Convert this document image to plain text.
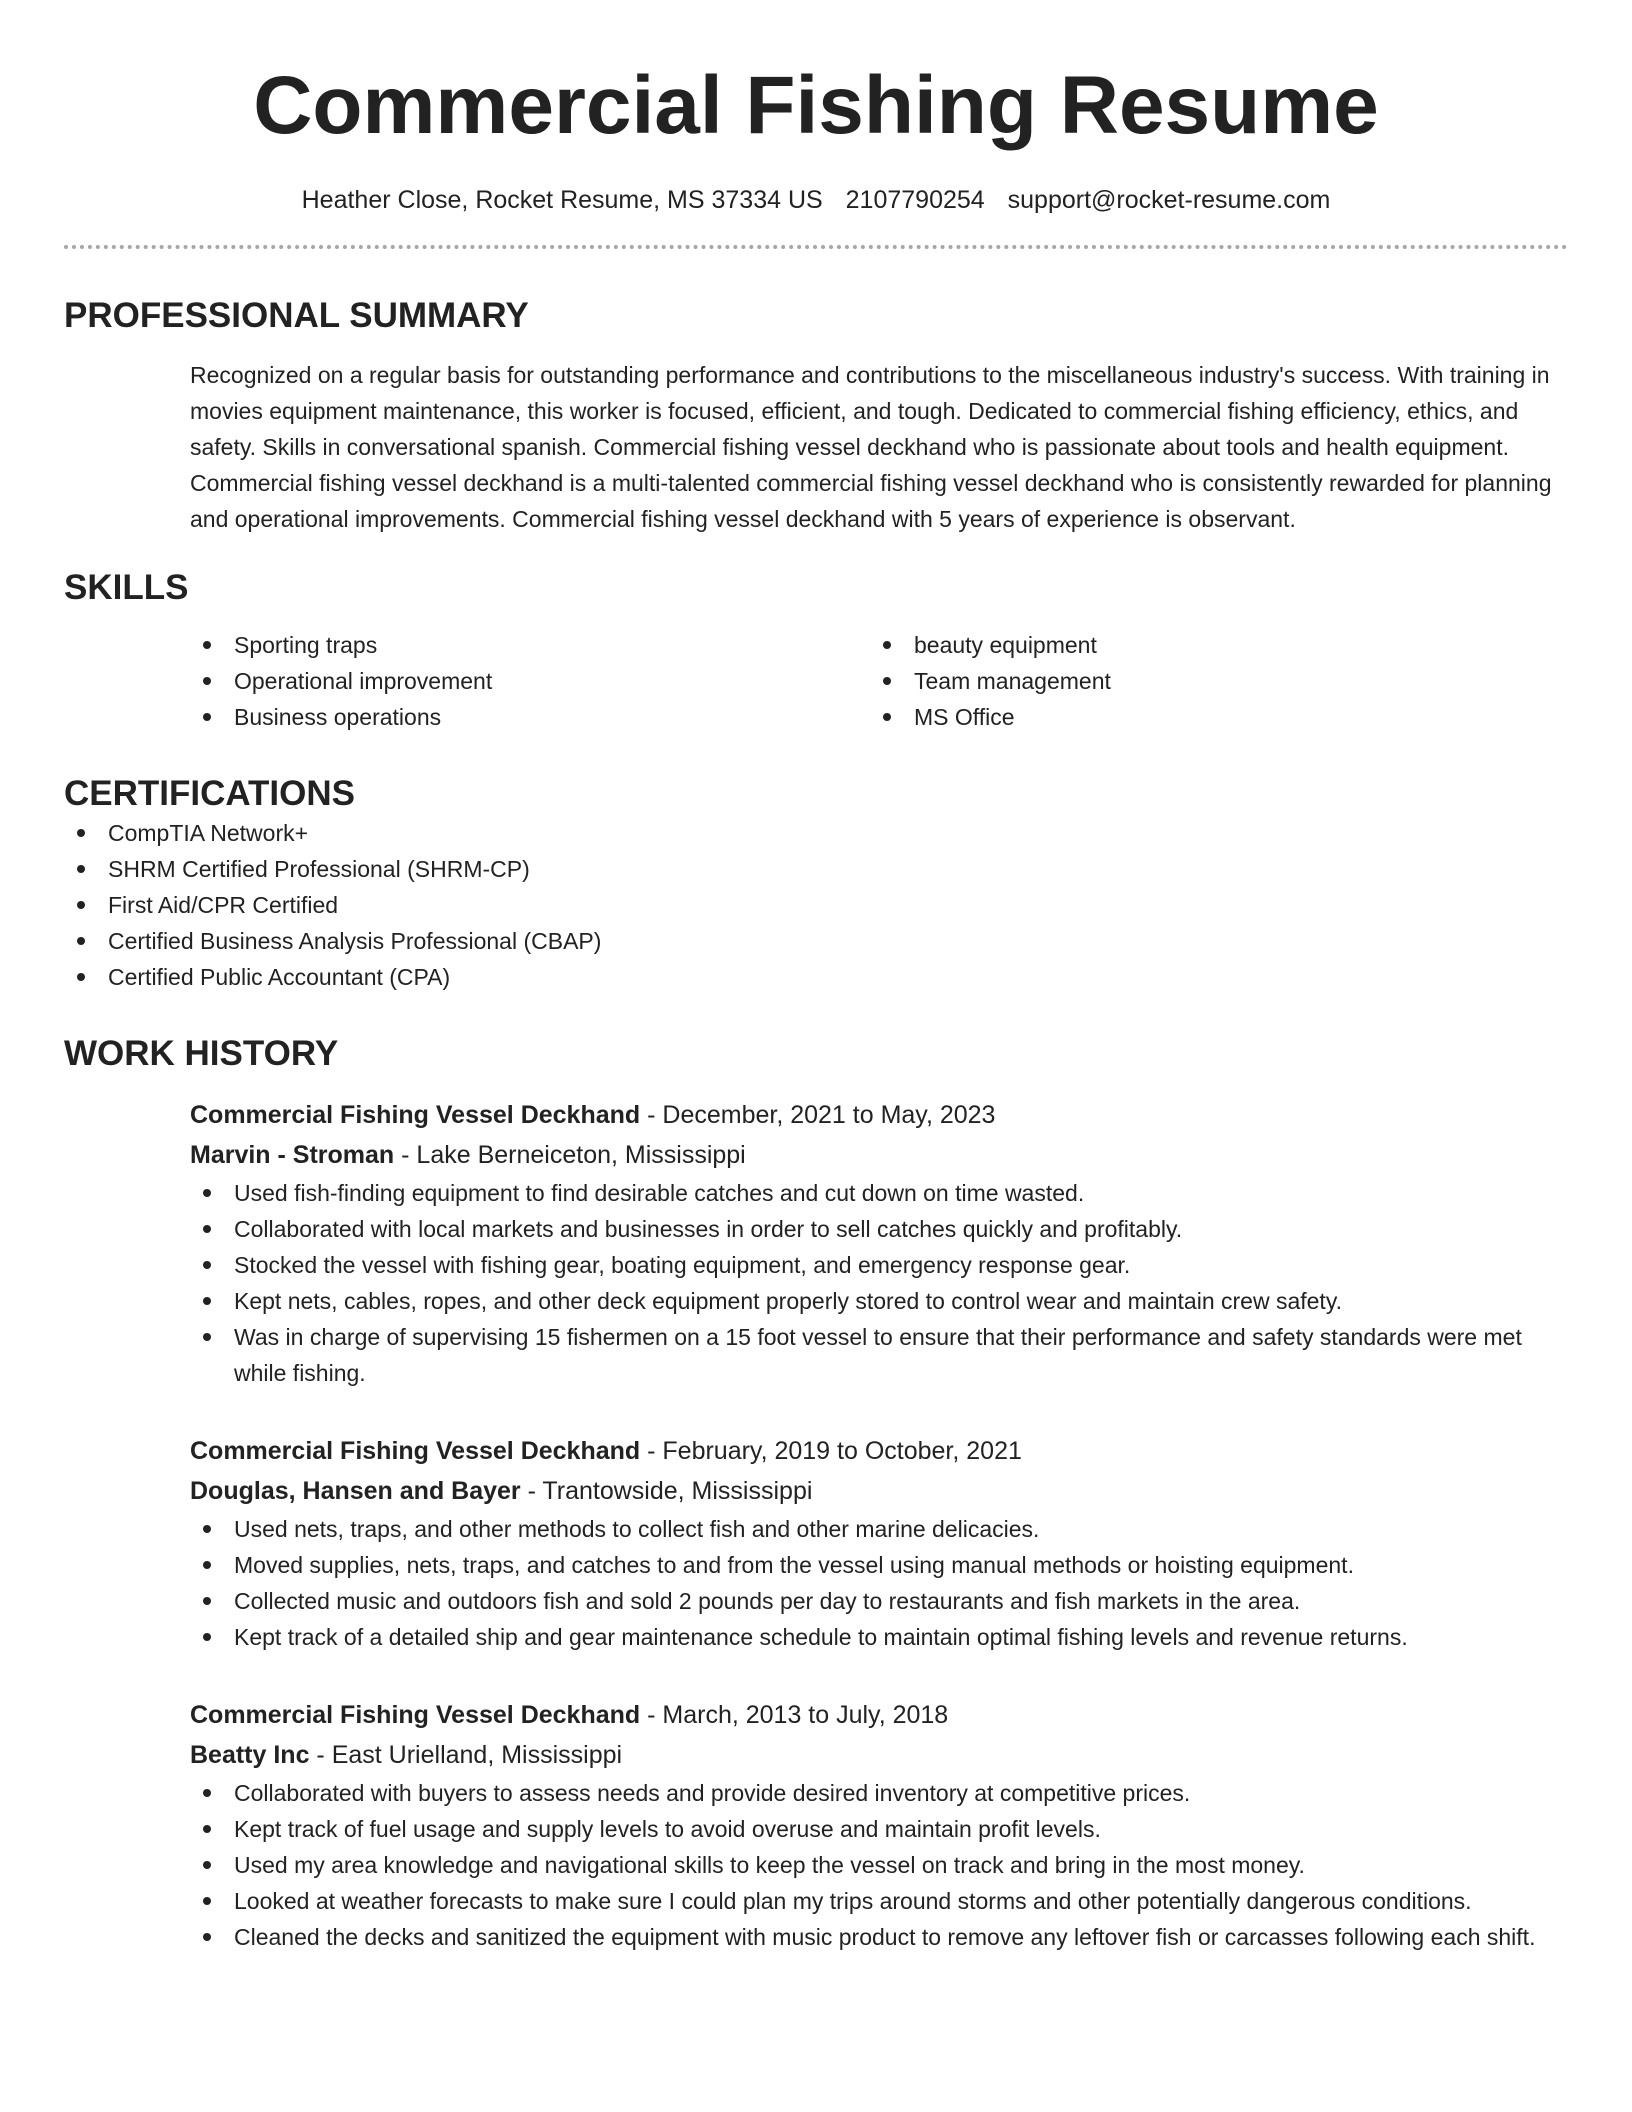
Commercial Fishing Resume
Heather Close, Rocket Resume, MS 37334 US 2107790254 support@rocket-resume.com
PROFESSIONAL SUMMARY

Recognized on a regular basis for outstanding performance and contributions to the miscellaneous industry's success. With training in movies equipment maintenance, this worker is focused, efficient, and tough. Dedicated to commercial fishing efficiency, ethics, and safety. Skills in conversational spanish. Commercial fishing vessel deckhand who is passionate about tools and health equipment. Commercial fishing vessel deckhand is a multi-talented commercial fishing vessel deckhand who is consistently rewarded for planning and operational improvements. Commercial fishing vessel deckhand with 5 years of experience is observant.

SKILLS
Sporting traps
Operational improvement
Business operations
beauty equipment
Team management
MS Office
CERTIFICATIONS
CompTIA Network+
SHRM Certified Professional (SHRM-CP)
First Aid/CPR Certified
Certified Business Analysis Professional (CBAP)
Certified Public Accountant (CPA)
WORK HISTORY
Commercial Fishing Vessel Deckhand - December, 2021 to May, 2023
Marvin - Stroman - Lake Berneiceton, Mississippi
Used fish-finding equipment to find desirable catches and cut down on time wasted.
Collaborated with local markets and businesses in order to sell catches quickly and profitably.
Stocked the vessel with fishing gear, boating equipment, and emergency response gear.
Kept nets, cables, ropes, and other deck equipment properly stored to control wear and maintain crew safety.
Was in charge of supervising 15 fishermen on a 15 foot vessel to ensure that their performance and safety standards were met while fishing.
Commercial Fishing Vessel Deckhand - February, 2019 to October, 2021
Douglas, Hansen and Bayer - Trantowside, Mississippi
Used nets, traps, and other methods to collect fish and other marine delicacies.
Moved supplies, nets, traps, and catches to and from the vessel using manual methods or hoisting equipment.
Collected music and outdoors fish and sold 2 pounds per day to restaurants and fish markets in the area.
Kept track of a detailed ship and gear maintenance schedule to maintain optimal fishing levels and revenue returns.
Commercial Fishing Vessel Deckhand - March, 2013 to July, 2018
Beatty Inc - East Urielland, Mississippi
Collaborated with buyers to assess needs and provide desired inventory at competitive prices.
Kept track of fuel usage and supply levels to avoid overuse and maintain profit levels.
Used my area knowledge and navigational skills to keep the vessel on track and bring in the most money.
Looked at weather forecasts to make sure I could plan my trips around storms and other potentially dangerous conditions.
Cleaned the decks and sanitized the equipment with music product to remove any leftover fish or carcasses following each shift.
